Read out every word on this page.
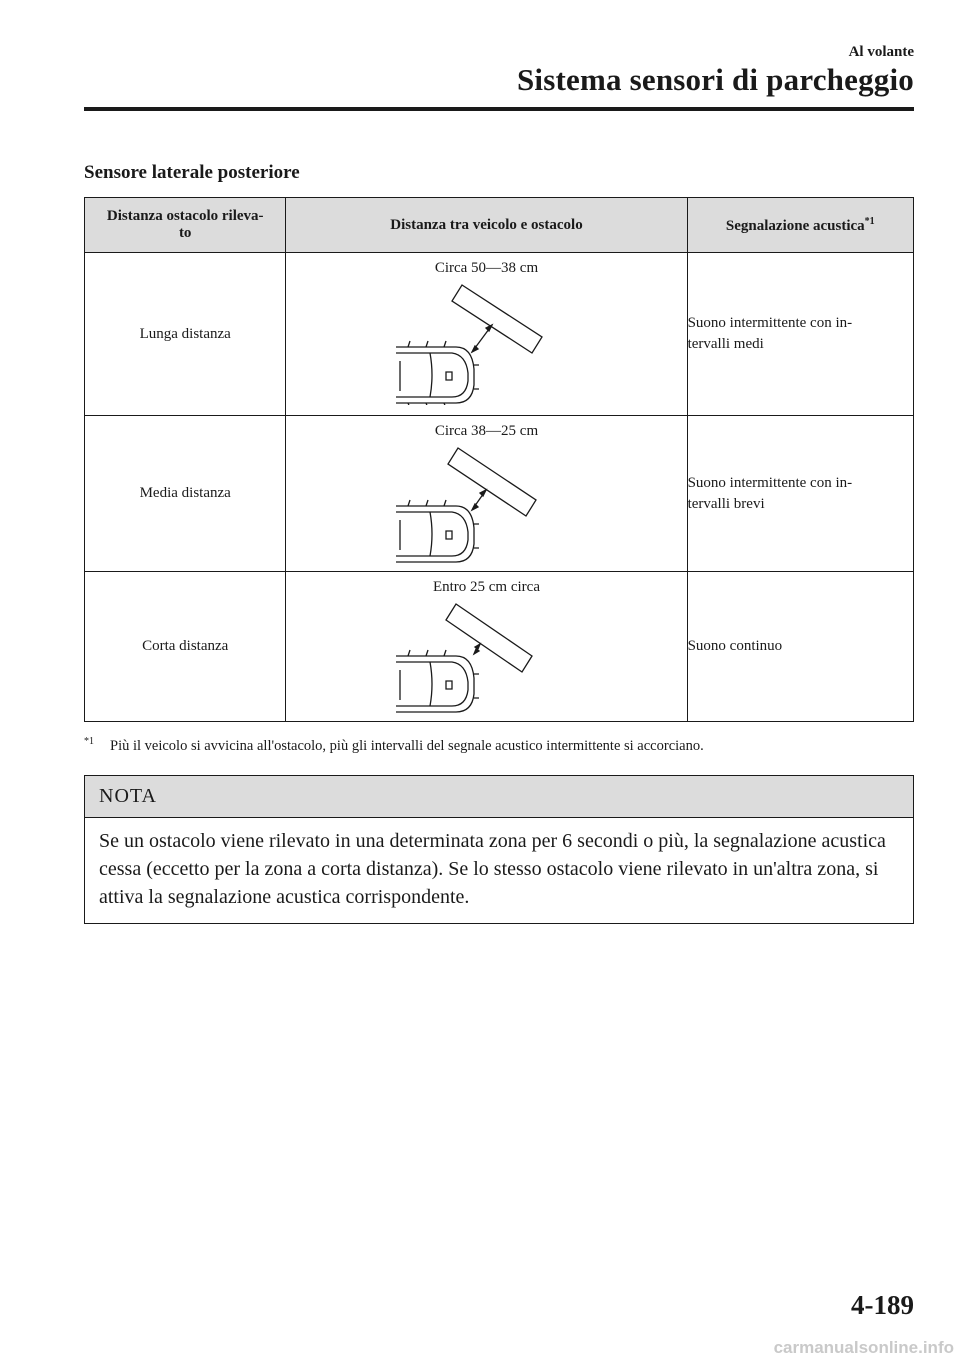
Al volante
Sistema sensori di parcheggio
Sensore laterale posteriore
Distanza ostacolo rileva-
to	Distanza tra veicolo e ostacolo	Segnalazione acustica$^{*1}$
Lunga distanza	Circa 50―38 cm	Suono intermittente con in-
tervalli medi
Media distanza	Circa 38―25 cm	Suono intermittente con in-
tervalli brevi
Corta distanza	Entro 25 cm circa	Suono continuo
$^{*1}$ Più il veicolo si avvicina all'ostacolo, più gli intervalli del segnale acustico intermittente si accorciano.
NOTA
Se un ostacolo viene rilevato in una determinata zona per 6 secondi o più, la segnalazione acustica cessa (eccetto per la zona a corta distanza). Se lo stesso ostacolo viene rilevato in un'altra zona, si attiva la segnalazione acustica corrispondente.
4-189
carmanualsonline.info
